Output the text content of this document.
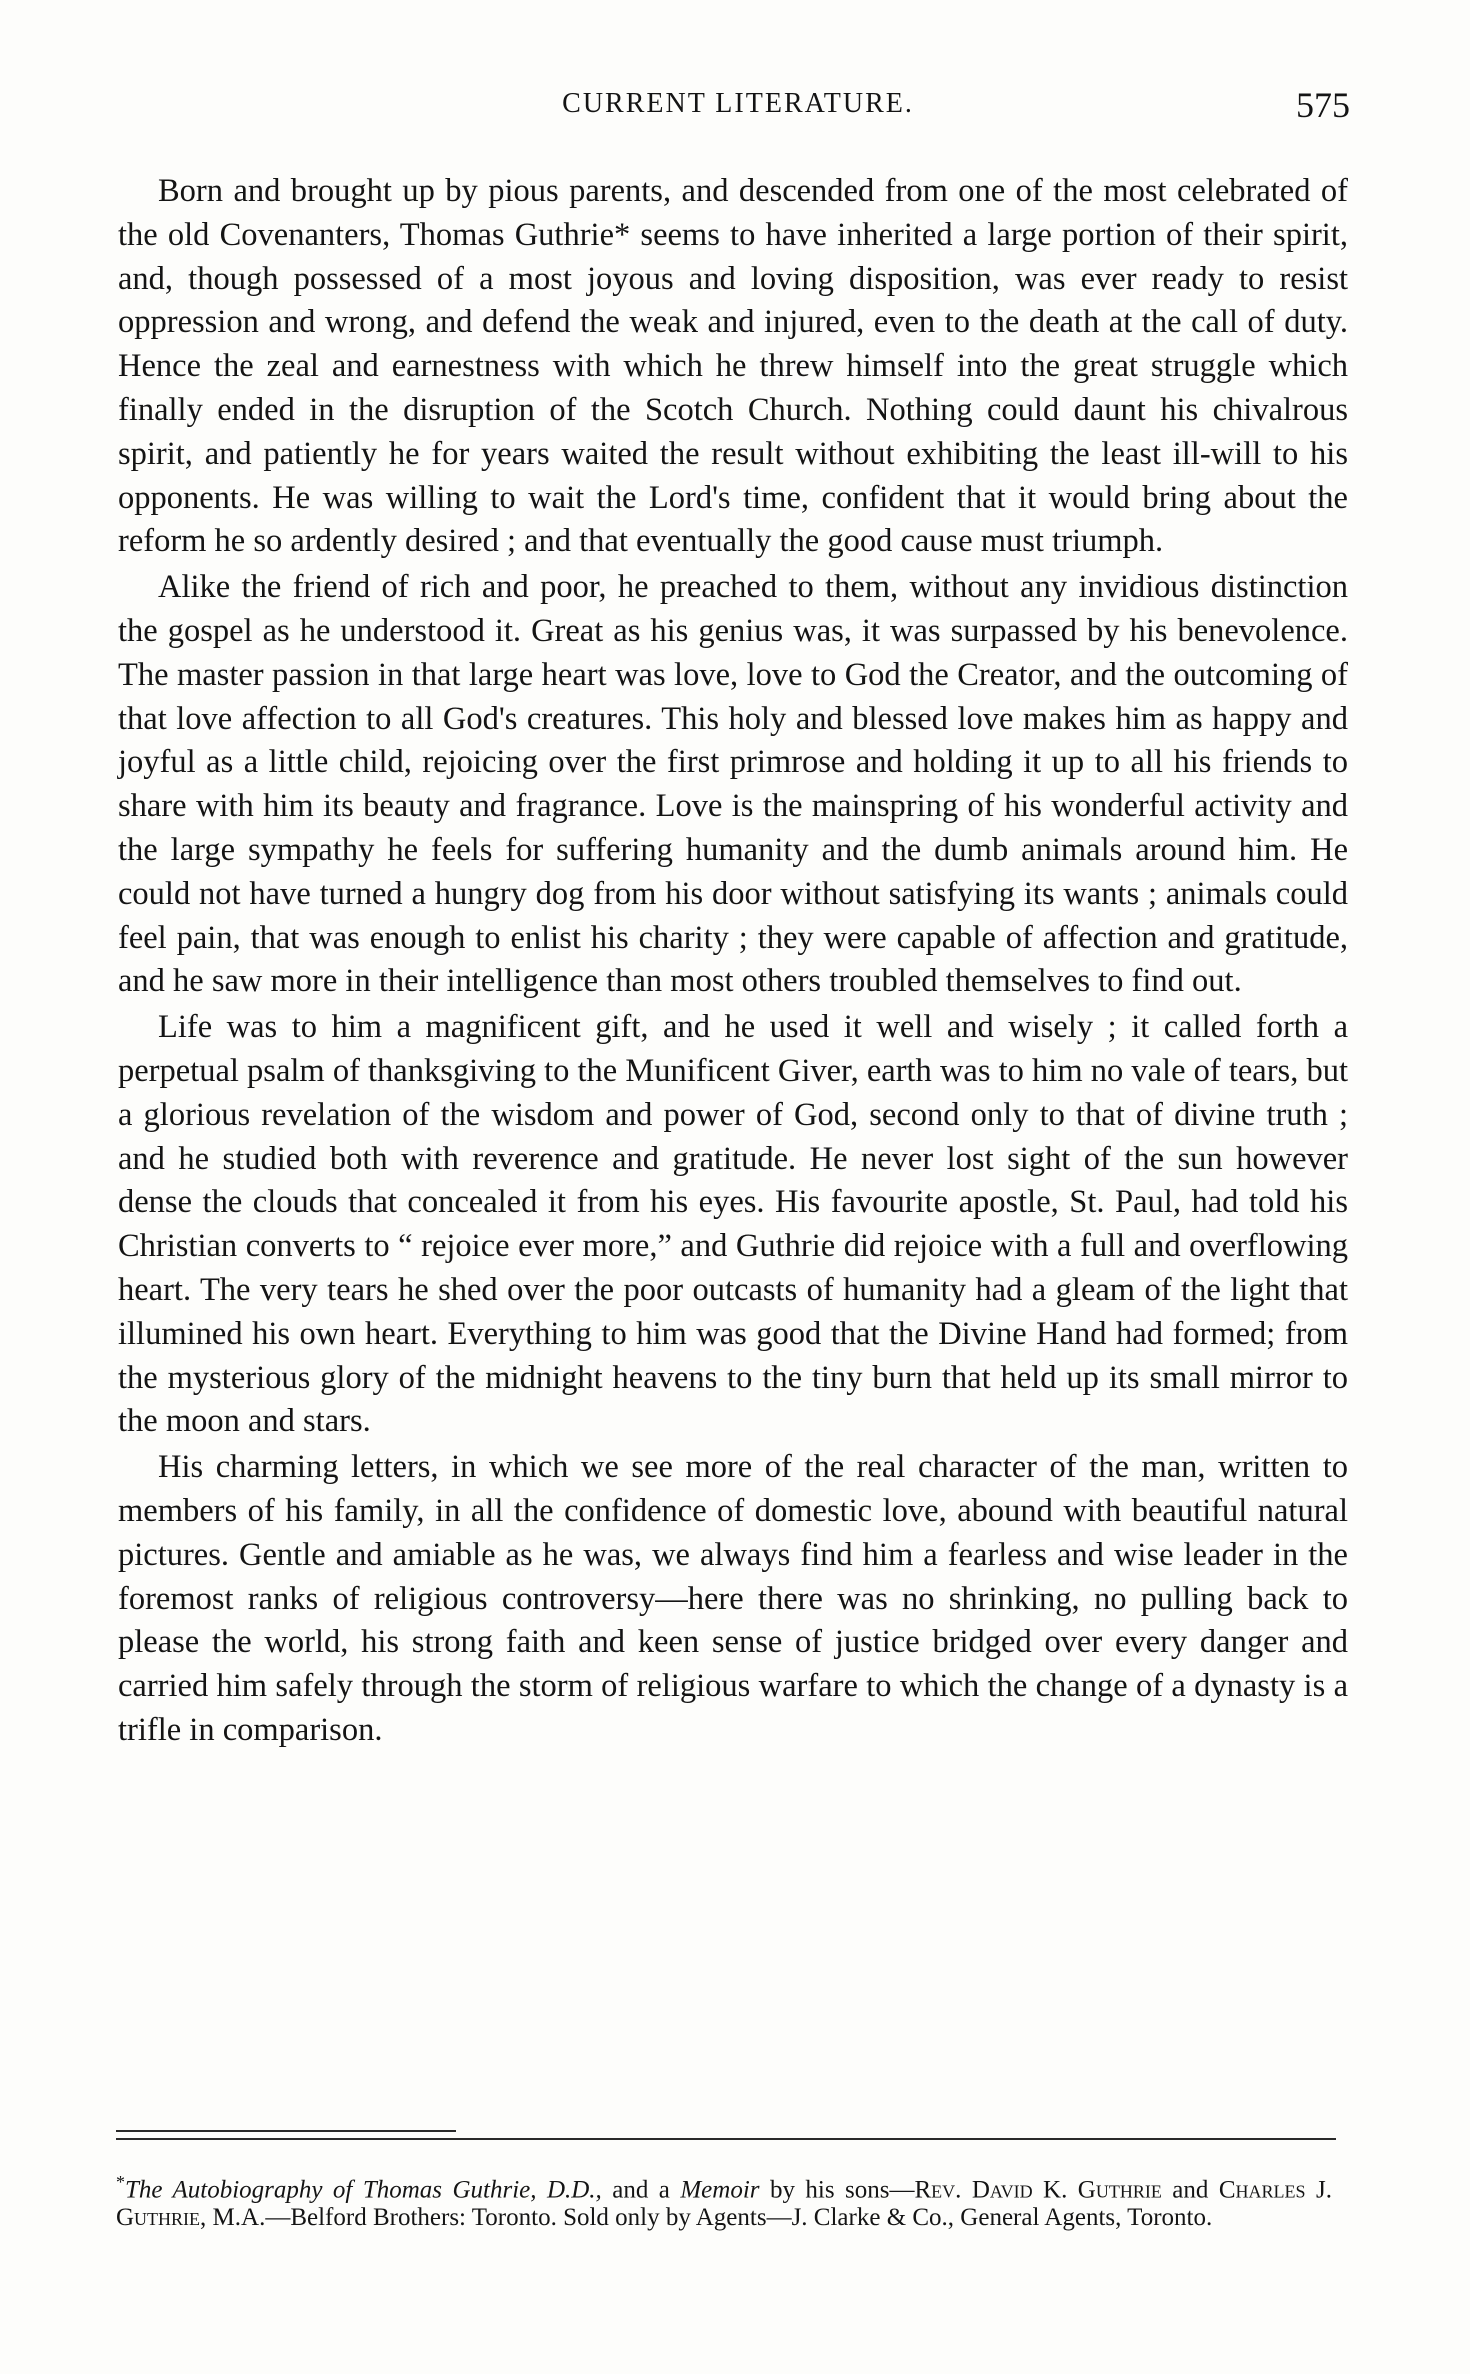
CURRENT LITERATURE.	575

Born and brought up by pious parents, and descended from one of the most celebrated of the old Covenanters, Thomas Guthrie* seems to have inherited a large portion of their spirit, and, though possessed of a most joyous and loving disposition, was ever ready to resist oppression and wrong, and defend the weak and injured, even to the death at the call of duty. Hence the zeal and earnestness with which he threw himself into the great struggle which finally ended in the disruption of the Scotch Church. Nothing could daunt his chivalrous spirit, and patiently he for years waited the result without exhibiting the least ill-will to his opponents. He was willing to wait the Lord's time, confident that it would bring about the reform he so ardently desired ; and that eventually the good cause must triumph.

Alike the friend of rich and poor, he preached to them, without any invidious distinction the gospel as he understood it. Great as his genius was, it was surpassed by his benevolence. The master passion in that large heart was love, love to God the Creator, and the outcoming of that love affection to all God's creatures. This holy and blessed love makes him as happy and joyful as a little child, rejoicing over the first primrose and holding it up to all his friends to share with him its beauty and fragrance. Love is the mainspring of his wonderful activity and the large sympathy he feels for suffering humanity and the dumb animals around him. He could not have turned a hungry dog from his door without satisfying its wants ; animals could feel pain, that was enough to enlist his charity ; they were capable of affection and gratitude, and he saw more in their intelligence than most others troubled themselves to find out.

Life was to him a magnificent gift, and he used it well and wisely ; it called forth a perpetual psalm of thanksgiving to the Munificent Giver, earth was to him no vale of tears, but a glorious revelation of the wisdom and power of God, second only to that of divine truth ; and he studied both with reverence and gratitude. He never lost sight of the sun however dense the clouds that concealed it from his eyes. His favourite apostle, St. Paul, had told his Christian converts to “ rejoice ever more,” and Guthrie did rejoice with a full and overflowing heart. The very tears he shed over the poor outcasts of humanity had a gleam of the light that illumined his own heart. Everything to him was good that the Divine Hand had formed; from the mysterious glory of the midnight heavens to the tiny burn that held up its small mirror to the moon and stars.

His charming letters, in which we see more of the real character of the man, written to members of his family, in all the confidence of domestic love, abound with beautiful natural pictures. Gentle and amiable as he was, we always find him a fearless and wise leader in the foremost ranks of religious controversy—here there was no shrinking, no pulling back to please the world, his strong faith and keen sense of justice bridged over every danger and carried him safely through the storm of religious warfare to which the change of a dynasty is a trifle in comparison.

*The Autobiography of Thomas Guthrie, D.D., and a Memoir by his sons—Rev. David K. Guthrie and Charles J. Guthrie, M.A.—Belford Brothers: Toronto. Sold only by Agents—J. Clarke & Co., General Agents, Toronto.
